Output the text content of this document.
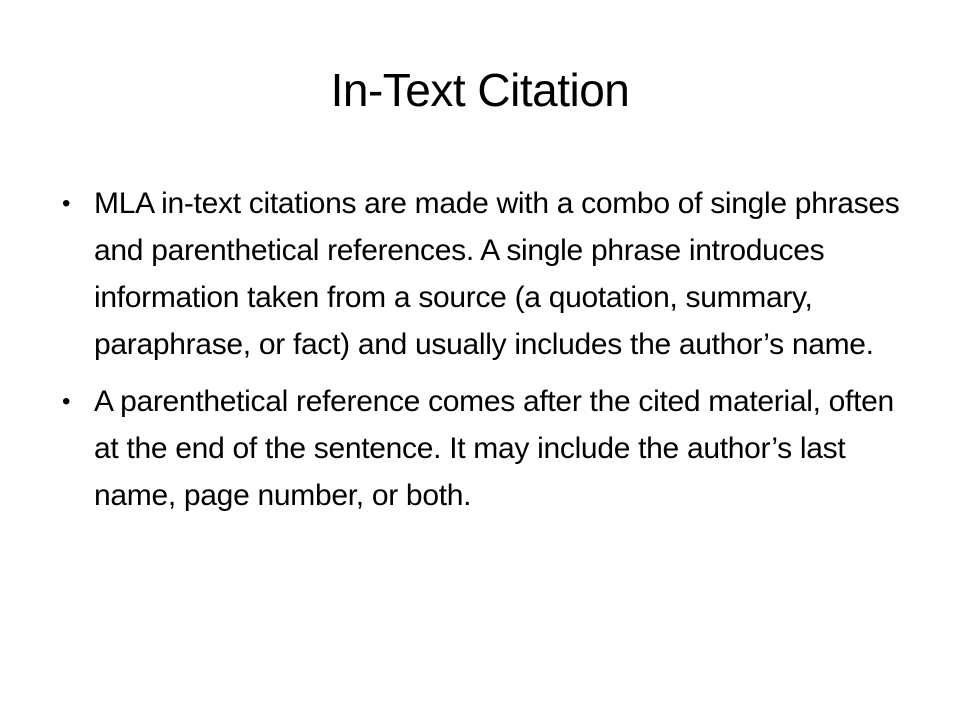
In-Text Citation
• MLA in-text citations are made with a combo of single phrases and parenthetical references. A single phrase introduces information taken from a source (a quotation, summary, paraphrase, or fact) and usually includes the author’s name.
• A parenthetical reference comes after the cited material, often at the end of the sentence. It may include the author’s last name, page number, or both.
